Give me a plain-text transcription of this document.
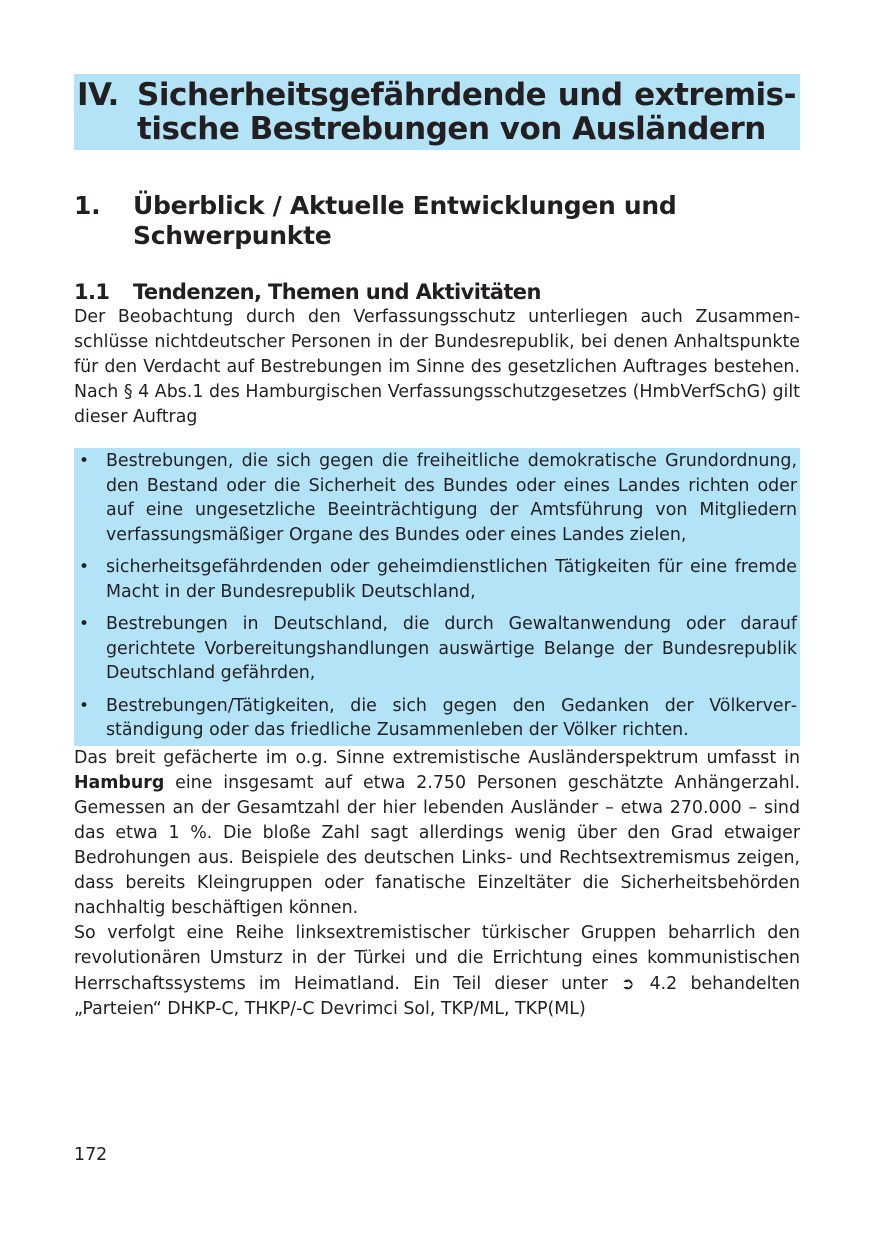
IV. Sicherheitsgefährdende und extremis-
tische Bestrebungen von Ausländern
1.	Überblick / Aktuelle Entwicklungen und Schwerpunkte
1.1	Tendenzen, Themen und Aktivitäten

Der Beobachtung durch den Verfassungsschutz unterliegen auch Zusammenschlüsse nichtdeutscher Personen in der Bundesrepublik, bei denen Anhaltspunkte für den Verdacht auf Bestrebungen im Sinne des gesetzlichen Auftrages bestehen. Nach § 4 Abs.1 des Hamburgischen Verfassungsschutzgesetzes (HmbVerfSchG) gilt dieser Auftrag

• Bestrebungen, die sich gegen die freiheitliche demokratische Grundordnung, den Bestand oder die Sicherheit des Bundes oder eines Landes richten oder auf eine ungesetzliche Beeinträchtigung der Amtsführung von Mitgliedern verfassungsmäßiger Organe des Bundes oder eines Landes zielen,
• sicherheitsgefährdenden oder geheimdienstlichen Tätigkeiten für eine fremde Macht in der Bundesrepublik Deutschland,
• Bestrebungen in Deutschland, die durch Gewaltanwendung oder darauf gerichtete Vorbereitungshandlungen auswärtige Belange der Bundesrepublik Deutschland gefährden,
• Bestrebungen/Tätigkeiten, die sich gegen den Gedanken der Völkerverständigung oder das friedliche Zusammenleben der Völker richten.

Das breit gefächerte im o.g. Sinne extremistische Ausländerspektrum umfasst in Hamburg eine insgesamt auf etwa 2.750 Personen geschätzte Anhängerzahl. Gemessen an der Gesamtzahl der hier lebenden Ausländer – etwa 270.000 – sind das etwa 1 %. Die bloße Zahl sagt allerdings wenig über den Grad etwaiger Bedrohungen aus. Beispiele des deutschen Links- und Rechtsextremismus zeigen, dass bereits Kleingruppen oder fanatische Einzeltäter die Sicherheitsbehörden nachhaltig beschäftigen können.

So verfolgt eine Reihe linksextremistischer türkischer Gruppen beharrlich den revolutionären Umsturz in der Türkei und die Errichtung eines kommunistischen Herrschaftssystems im Heimatland. Ein Teil dieser unter ➲ 4.2 behandelten „Parteien“ DHKP-C, THKP/-C Devrimci Sol, TKP/ML, TKP(ML)

172
